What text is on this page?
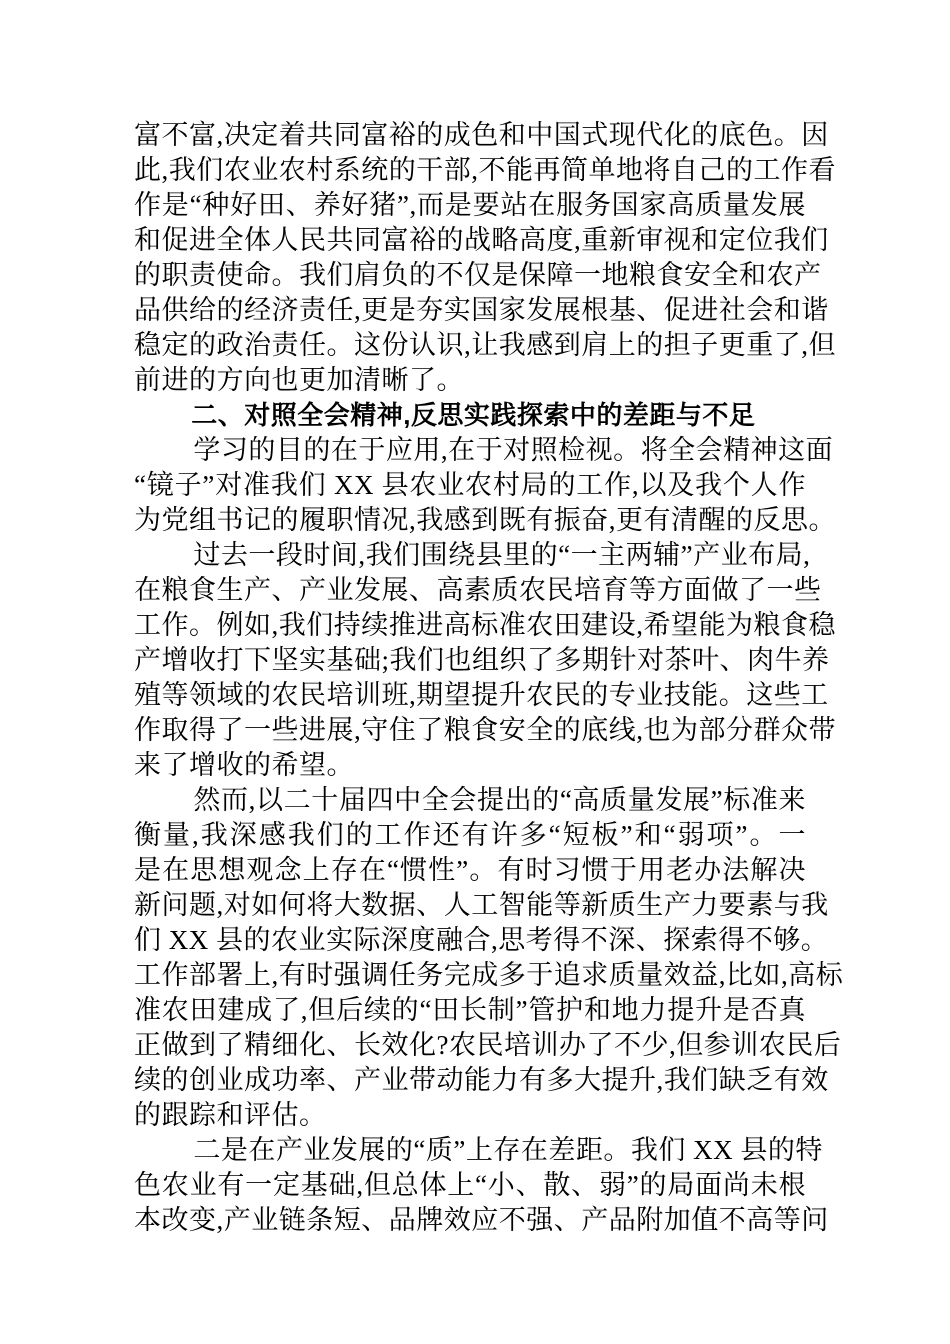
富不富,决定着共同富裕的成色和中国式现代化的底色。因
此,我们农业农村系统的干部,不能再简单地将自己的工作看
作是“种好田、养好猪”,而是要站在服务国家高质量发展
和促进全体人民共同富裕的战略高度,重新审视和定位我们
的职责使命。我们肩负的不仅是保障一地粮食安全和农产
品供给的经济责任,更是夯实国家发展根基、促进社会和谐
稳定的政治责任。这份认识,让我感到肩上的担子更重了,但
前进的方向也更加清晰了。
二、对照全会精神,反思实践探索中的差距与不足
学习的目的在于应用,在于对照检视。将全会精神这面
“镜子”对准我们 XX 县农业农村局的工作,以及我个人作
为党组书记的履职情况,我感到既有振奋,更有清醒的反思。
过去一段时间,我们围绕县里的“一主两辅”产业布局,
在粮食生产、产业发展、高素质农民培育等方面做了一些
工作。例如,我们持续推进高标准农田建设,希望能为粮食稳
产增收打下坚实基础;我们也组织了多期针对茶叶、肉牛养
殖等领域的农民培训班,期望提升农民的专业技能。这些工
作取得了一些进展,守住了粮食安全的底线,也为部分群众带
来了增收的希望。
然而,以二十届四中全会提出的“高质量发展”标准来
衡量,我深感我们的工作还有许多“短板”和“弱项”。一
是在思想观念上存在“惯性”。有时习惯于用老办法解决
新问题,对如何将大数据、人工智能等新质生产力要素与我
们 XX 县的农业实际深度融合,思考得不深、探索得不够。
工作部署上,有时强调任务完成多于追求质量效益,比如,高标
准农田建成了,但后续的“田长制”管护和地力提升是否真
正做到了精细化、长效化?农民培训办了不少,但参训农民后
续的创业成功率、产业带动能力有多大提升,我们缺乏有效
的跟踪和评估。
二是在产业发展的“质”上存在差距。我们 XX 县的特
色农业有一定基础,但总体上“小、散、弱”的局面尚未根
本改变,产业链条短、品牌效应不强、产品附加值不高等问
